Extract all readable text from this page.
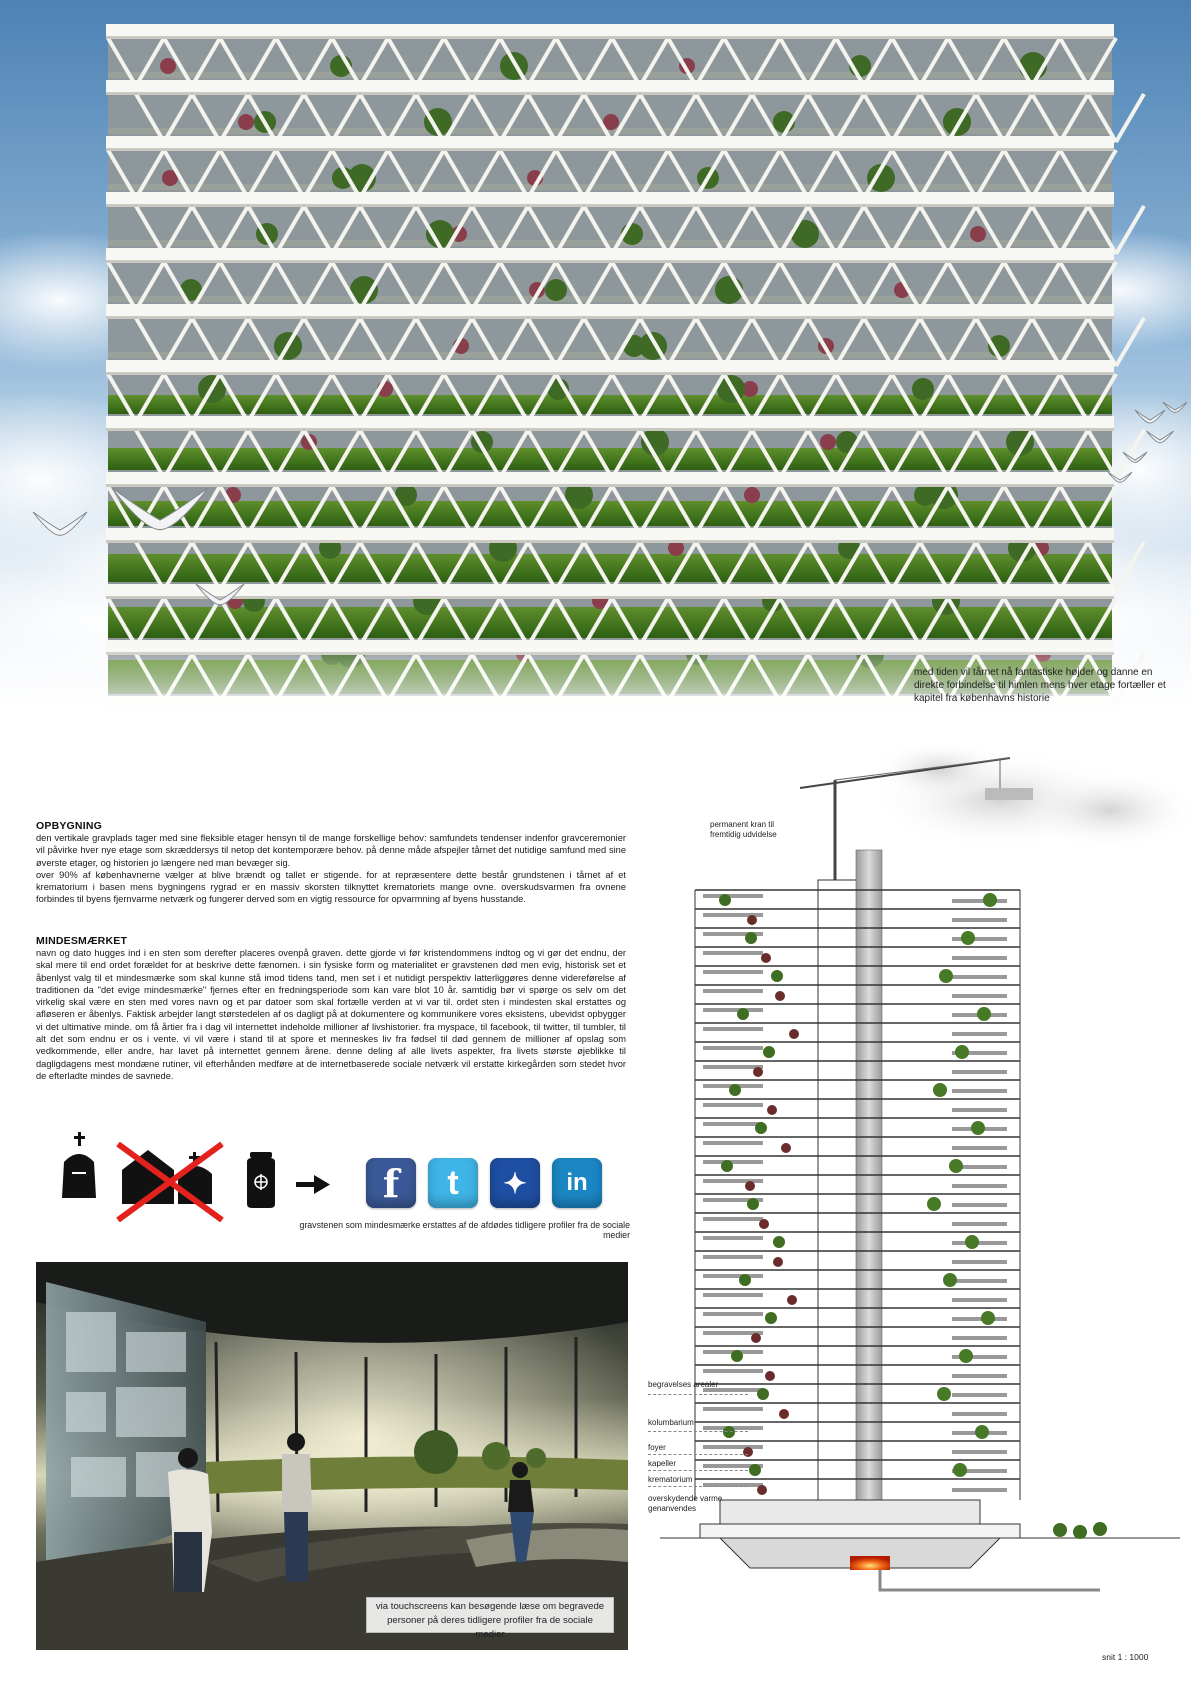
med tiden vil tårnet nå fantastiske højder og danne en direkte forbindelse til himlen mens hver etage fortæller et kapitel fra københavns historie
OPBYGNING

den vertikale gravplads tager med sine fleksible etager hensyn til de mange forskellige behov: samfundets tendenser indenfor gravceremonier vil påvirke hver nye etage som skræddersys til netop det kontemporære behov. på denne måde afspejler tårnet det nutidige samfund med sine øverste etager, og historien jo længere ned man bevæger sig.

over 90% af københavnerne vælger at blive brændt og tallet er stigende. for at repræsentere dette består grundstenen i tårnet af et krematorium i basen mens bygningens rygrad er en massiv skorsten tilknyttet krematoriets mange ovne. overskudsvarmen fra ovnene forbindes til byens fjernvarme netværk og fungerer derved som en vigtig ressource for opvarmning af byens husstande.

MINDESMÆRKET

navn og dato hugges ind i en sten som derefter placeres ovenpå graven. dette gjorde vi før kristendommens indtog og vi gør det endnu, der skal mere til end ordet forældet for at beskrive dette fænomen. i sin fysiske form og materialitet er gravstenen død men evig, historisk set et åbenlyst valg til et mindesmærke som skal kunne stå imod tidens tand, men set i et nutidigt perspektiv latterliggøres denne videreførelse af traditionen da "det evige mindesmærke" fjernes efter en fredningsperiode som kan vare blot 10 år. samtidig bør vi spørge os selv om det virkelig skal være en sten med vores navn og et par datoer som skal fortælle verden at vi var til. ordet sten i mindesten skal erstattes og afløseren er åbenlys. Faktisk arbejder langt størstedelen af os dagligt på at dokumentere og kommunikere vores eksistens, ubevidst opbygger vi det ultimative minde. om få årtier fra i dag vil internettet indeholde millioner af livshistorier. fra myspace, til facebook, til twitter, til tumbler, til alt det som endnu er os i vente. vi vil være i stand til at spore et menneskes liv fra fødsel til død gennem de millioner af opslag som vedkommende, eller andre, har lavet på internettet gennem årene. denne deling af alle livets aspekter, fra livets største øjeblikke til dagligdagens mest mondæne rutiner, vil efterhånden medføre at de internetbaserede sociale netværk vil erstatte kirkegården som stedet hvor de efterladte mindes de savnede.

f t ✦ in
gravstenen som mindesmærke erstattes af de afdødes tidligere profiler fra de sociale medier
via touchscreens kan besøgende læse om begravede personer på deres tidligere profiler fra de sociale medier
permanent kran til fremtidig udvidelse
begravelses arealer
kolumbarium
foyer
kapeller
krematorium
overskydende varme genanvendes
snit 1 : 1000
